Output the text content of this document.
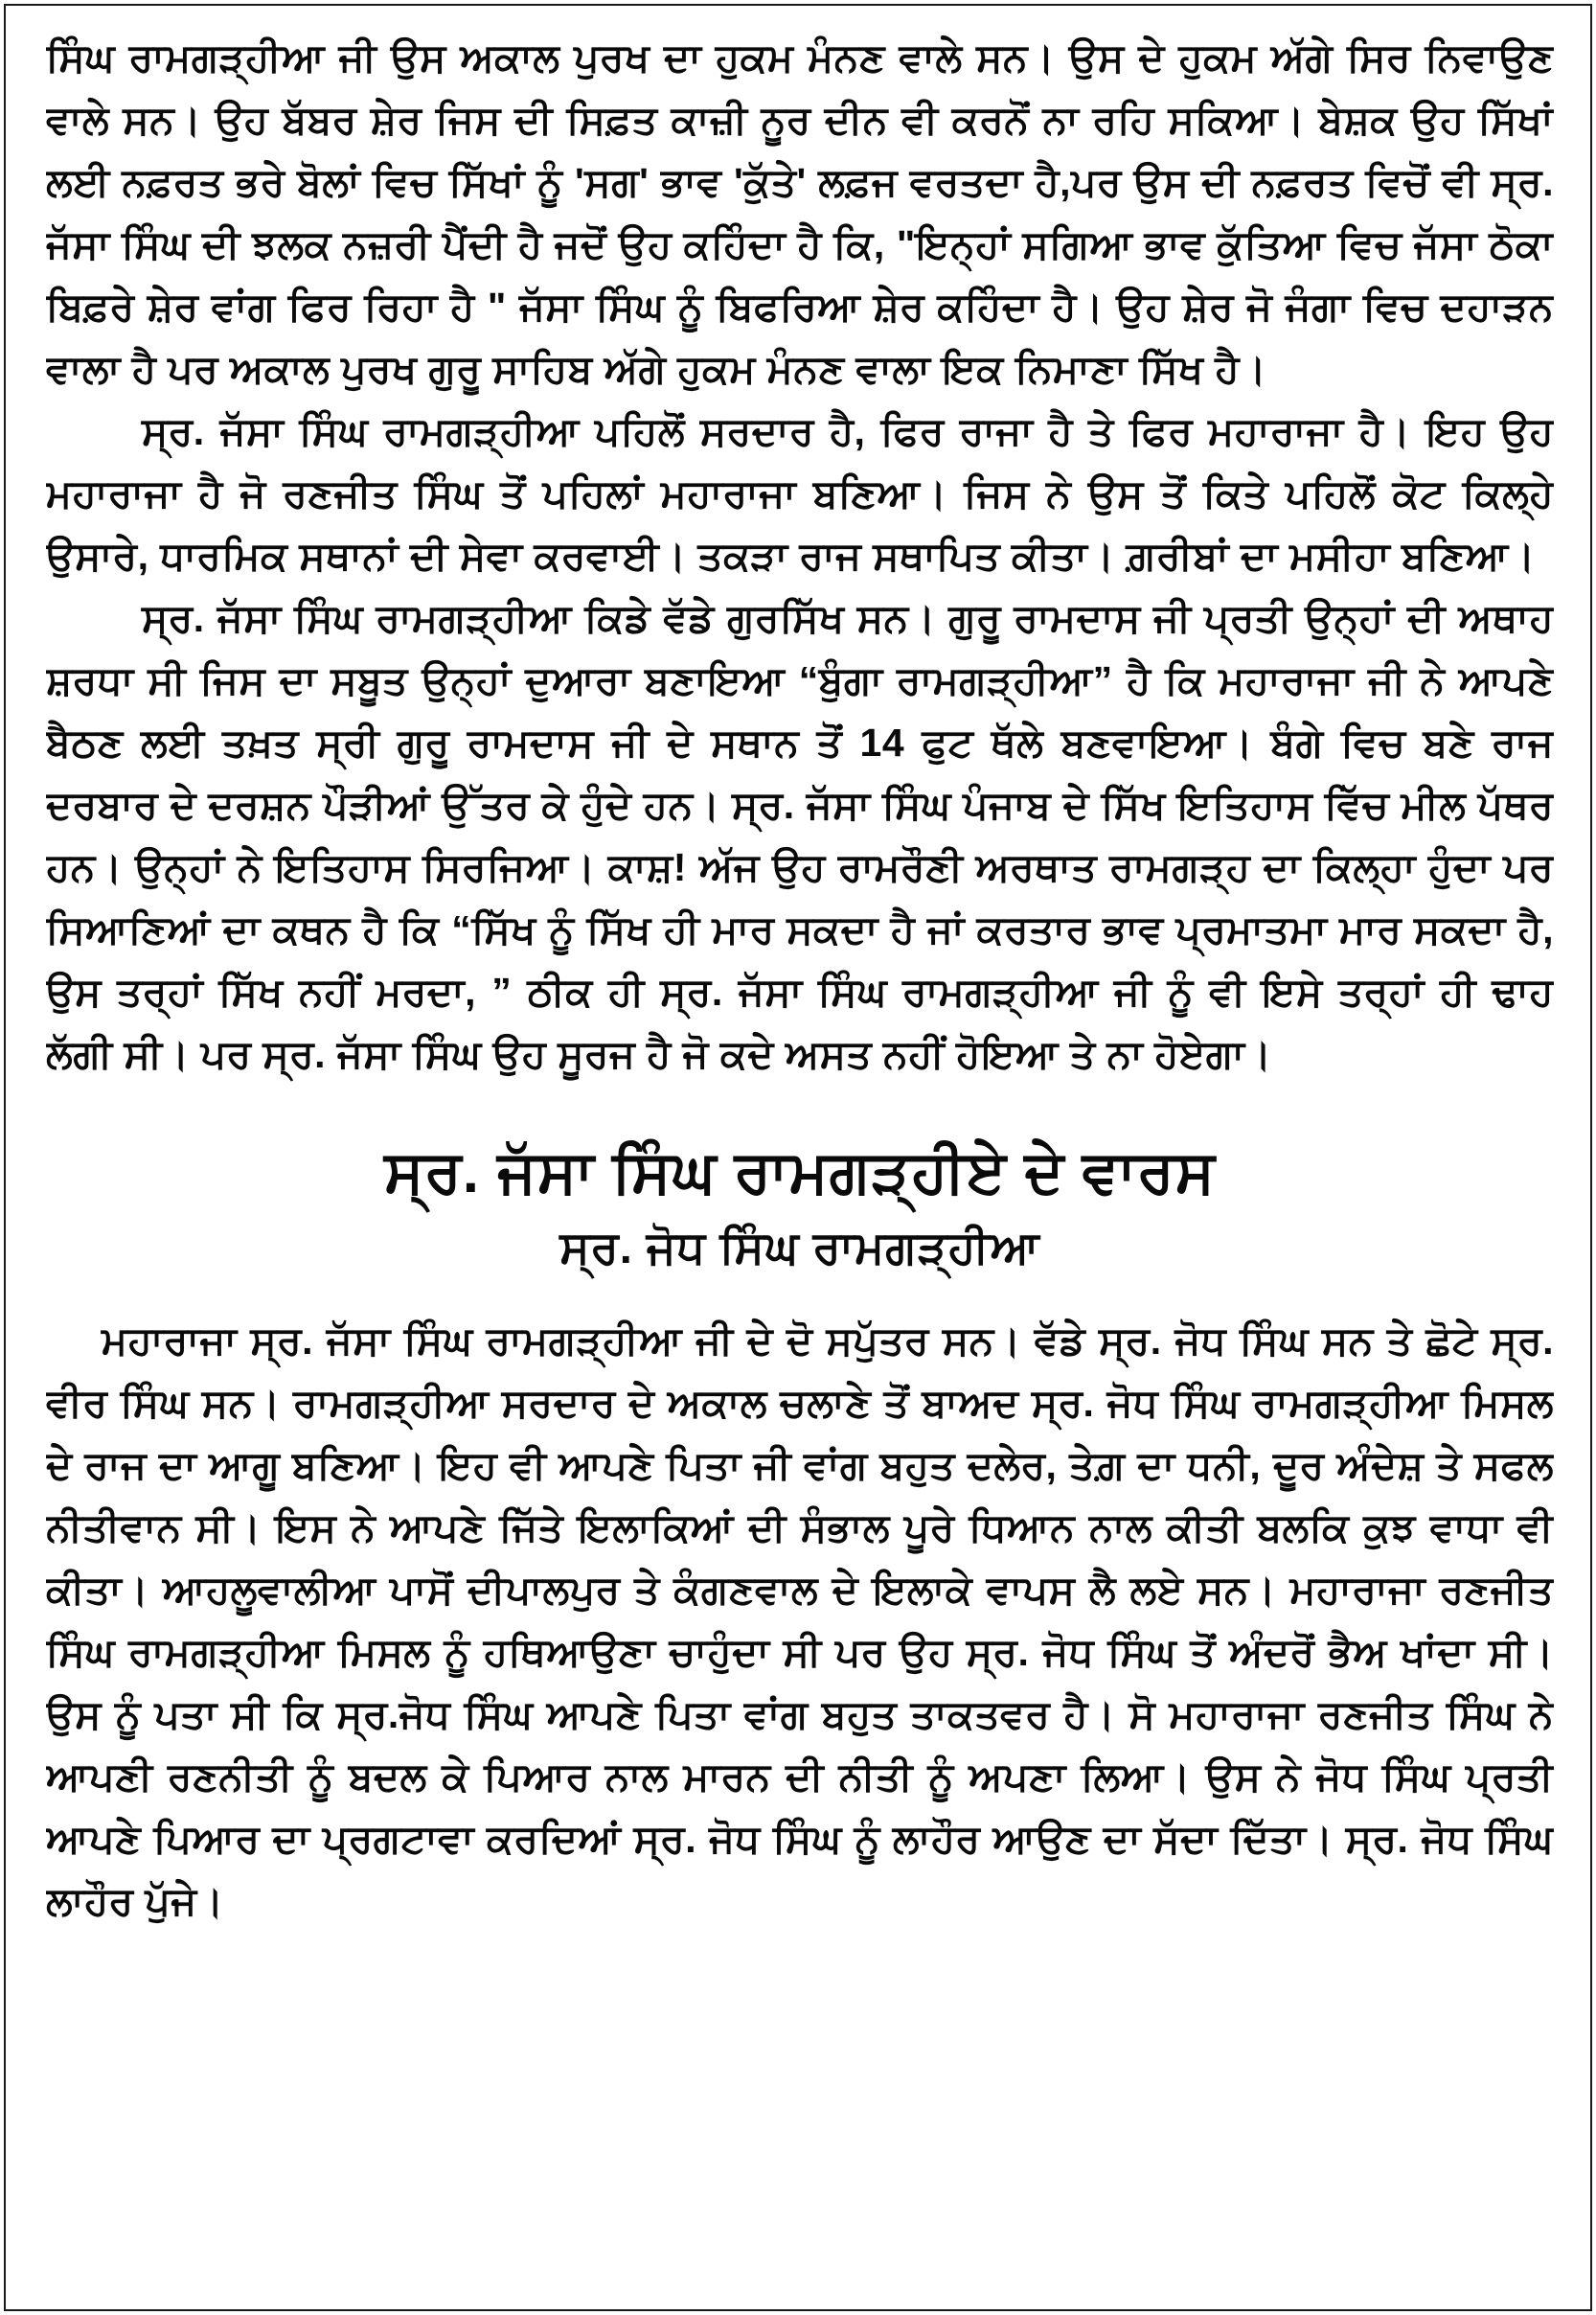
ਸਿੰਘ ਰਾਮਗੜ੍ਹੀਆ ਜੀ ਉਸ ਅਕਾਲ ਪੁਰਖ ਦਾ ਹੁਕਮ ਮੰਨਣ ਵਾਲੇ ਸਨ। ਉਸ ਦੇ ਹੁਕਮ ਅੱਗੇ ਸਿਰ ਨਿਵਾਉਣ ਵਾਲੇ ਸਨ। ਉਹ ਬੱਬਰ ਸ਼ੇਰ ਜਿਸ ਦੀ ਸਿਫ਼ਤ ਕਾਜ਼ੀ ਨੂਰ ਦੀਨ ਵੀ ਕਰਨੋਂ ਨਾ ਰਹਿ ਸਕਿਆ। ਬੇਸ਼ਕ ਉਹ ਸਿੱਖਾਂ ਲਈ ਨਫ਼ਰਤ ਭਰੇ ਬੋਲਾਂ ਵਿਚ ਸਿੱਖਾਂ ਨੂੰ 'ਸਗ' ਭਾਵ 'ਕੁੱਤੇ' ਲਫ਼ਜ ਵਰਤਦਾ ਹੈ,ਪਰ ਉਸ ਦੀ ਨਫ਼ਰਤ ਵਿਚੋਂ ਵੀ ਸ੍ਰ. ਜੱਸਾ ਸਿੰਘ ਦੀ ਝਲਕ ਨਜ਼ਰੀ ਪੈਂਦੀ ਹੈ ਜਦੋਂ ਉਹ ਕਹਿੰਦਾ ਹੈ ਕਿ, "ਇਨ੍ਹਾਂ ਸਗਿਆ ਭਾਵ ਕੁੱਤਿਆ ਵਿਚ ਜੱਸਾ ਠੋਕਾ ਬਿਫ਼ਰੇ ਸ਼ੇਰ ਵਾਂਗ ਫਿਰ ਰਿਹਾ ਹੈ " ਜੱਸਾ ਸਿੰਘ ਨੂੰ ਬਿਫਰਿਆ ਸ਼ੇਰ ਕਹਿੰਦਾ ਹੈ। ਉਹ ਸ਼ੇਰ ਜੋ ਜੰਗਾ ਵਿਚ ਦਹਾੜਨ ਵਾਲਾ ਹੈ ਪਰ ਅਕਾਲ ਪੁਰਖ ਗੁਰੂ ਸਾਹਿਬ ਅੱਗੇ ਹੁਕਮ ਮੰਨਣ ਵਾਲਾ ਇਕ ਨਿਮਾਣਾ ਸਿੱਖ ਹੈ।

ਸ੍ਰ. ਜੱਸਾ ਸਿੰਘ ਰਾਮਗੜ੍ਹੀਆ ਪਹਿਲੋਂ ਸਰਦਾਰ ਹੈ, ਫਿਰ ਰਾਜਾ ਹੈ ਤੇ ਫਿਰ ਮਹਾਰਾਜਾ ਹੈ। ਇਹ ਉਹ ਮਹਾਰਾਜਾ ਹੈ ਜੋ ਰਣਜੀਤ ਸਿੰਘ ਤੋਂ ਪਹਿਲਾਂ ਮਹਾਰਾਜਾ ਬਣਿਆ। ਜਿਸ ਨੇ ਉਸ ਤੋਂ ਕਿਤੇ ਪਹਿਲੋਂ ਕੋਟ ਕਿਲ੍ਹੇ ਉਸਾਰੇ, ਧਾਰਮਿਕ ਸਥਾਨਾਂ ਦੀ ਸੇਵਾ ਕਰਵਾਈ। ਤਕੜਾ ਰਾਜ ਸਥਾਪਿਤ ਕੀਤਾ। ਗ਼ਰੀਬਾਂ ਦਾ ਮਸੀਹਾ ਬਣਿਆ।

ਸ੍ਰ. ਜੱਸਾ ਸਿੰਘ ਰਾਮਗੜ੍ਹੀਆ ਕਿਡੇ ਵੱਡੇ ਗੁਰਸਿੱਖ ਸਨ। ਗੁਰੂ ਰਾਮਦਾਸ ਜੀ ਪ੍ਰਤੀ ਉਨ੍ਹਾਂ ਦੀ ਅਥਾਹ ਸ਼ਰਧਾ ਸੀ ਜਿਸ ਦਾ ਸਬੂਤ ਉਨ੍ਹਾਂ ਦੁਆਰਾ ਬਣਾਇਆ “ਬੁੰਗਾ ਰਾਮਗੜ੍ਹੀਆ” ਹੈ ਕਿ ਮਹਾਰਾਜਾ ਜੀ ਨੇ ਆਪਣੇ ਬੈਠਣ ਲਈ ਤਖ਼ਤ ਸ੍ਰੀ ਗੁਰੂ ਰਾਮਦਾਸ ਜੀ ਦੇ ਸਥਾਨ ਤੋਂ 14 ਫੁਟ ਥੱਲੇ ਬਣਵਾਇਆ। ਬੰਗੇ ਵਿਚ ਬਣੇ ਰਾਜ ਦਰਬਾਰ ਦੇ ਦਰਸ਼ਨ ਪੌੜੀਆਂ ਉੱਤਰ ਕੇ ਹੁੰਦੇ ਹਨ। ਸ੍ਰ. ਜੱਸਾ ਸਿੰਘ ਪੰਜਾਬ ਦੇ ਸਿੱਖ ਇਤਿਹਾਸ ਵਿੱਚ ਮੀਲ ਪੱਥਰ ਹਨ। ਉਨ੍ਹਾਂ ਨੇ ਇਤਿਹਾਸ ਸਿਰਜਿਆ। ਕਾਸ਼! ਅੱਜ ਉਹ ਰਾਮਰੌਣੀ ਅਰਥਾਤ ਰਾਮਗੜ੍ਹ ਦਾ ਕਿਲ੍ਹਾ ਹੁੰਦਾ ਪਰ ਸਿਆਣਿਆਂ ਦਾ ਕਥਨ ਹੈ ਕਿ “ਸਿੱਖ ਨੂੰ ਸਿੱਖ ਹੀ ਮਾਰ ਸਕਦਾ ਹੈ ਜਾਂ ਕਰਤਾਰ ਭਾਵ ਪ੍ਰਮਾਤਮਾ ਮਾਰ ਸਕਦਾ ਹੈ, ਉਸ ਤਰ੍ਹਾਂ ਸਿੱਖ ਨਹੀਂ ਮਰਦਾ, ” ਠੀਕ ਹੀ ਸ੍ਰ. ਜੱਸਾ ਸਿੰਘ ਰਾਮਗੜ੍ਹੀਆ ਜੀ ਨੂੰ ਵੀ ਇਸੇ ਤਰ੍ਹਾਂ ਹੀ ਢਾਹ ਲੱਗੀ ਸੀ। ਪਰ ਸ੍ਰ. ਜੱਸਾ ਸਿੰਘ ਉਹ ਸੂਰਜ ਹੈ ਜੋ ਕਦੇ ਅਸਤ ਨਹੀਂ ਹੋਇਆ ਤੇ ਨਾ ਹੋਏਗਾ।

ਸ੍ਰ. ਜੱਸਾ ਸਿੰਘ ਰਾਮਗੜ੍ਹੀਏ ਦੇ ਵਾਰਸ
ਸ੍ਰ. ਜੋਧ ਸਿੰਘ ਰਾਮਗੜ੍ਹੀਆ

ਮਹਾਰਾਜਾ ਸ੍ਰ. ਜੱਸਾ ਸਿੰਘ ਰਾਮਗੜ੍ਹੀਆ ਜੀ ਦੇ ਦੋ ਸਪੁੱਤਰ ਸਨ। ਵੱਡੇ ਸ੍ਰ. ਜੋਧ ਸਿੰਘ ਸਨ ਤੇ ਛੋਟੇ ਸ੍ਰ. ਵੀਰ ਸਿੰਘ ਸਨ। ਰਾਮਗੜ੍ਹੀਆ ਸਰਦਾਰ ਦੇ ਅਕਾਲ ਚਲਾਣੇ ਤੋਂ ਬਾਅਦ ਸ੍ਰ. ਜੋਧ ਸਿੰਘ ਰਾਮਗੜ੍ਹੀਆ ਮਿਸਲ ਦੇ ਰਾਜ ਦਾ ਆਗੂ ਬਣਿਆ। ਇਹ ਵੀ ਆਪਣੇ ਪਿਤਾ ਜੀ ਵਾਂਗ ਬਹੁਤ ਦਲੇਰ, ਤੇਗ਼ ਦਾ ਧਨੀ, ਦੂਰ ਅੰਦੇਸ਼ ਤੇ ਸਫਲ ਨੀਤੀਵਾਨ ਸੀ। ਇਸ ਨੇ ਆਪਣੇ ਜਿੱਤੇ ਇਲਾਕਿਆਂ ਦੀ ਸੰਭਾਲ ਪੂਰੇ ਧਿਆਨ ਨਾਲ ਕੀਤੀ ਬਲਕਿ ਕੁਝ ਵਾਧਾ ਵੀ ਕੀਤਾ। ਆਹਲੂਵਾਲੀਆ ਪਾਸੋਂ ਦੀਪਾਲਪੁਰ ਤੇ ਕੰਗਣਵਾਲ ਦੇ ਇਲਾਕੇ ਵਾਪਸ ਲੈ ਲਏ ਸਨ। ਮਹਾਰਾਜਾ ਰਣਜੀਤ ਸਿੰਘ ਰਾਮਗੜ੍ਹੀਆ ਮਿਸਲ ਨੂੰ ਹਥਿਆਉਣਾ ਚਾਹੁੰਦਾ ਸੀ ਪਰ ਉਹ ਸ੍ਰ. ਜੋਧ ਸਿੰਘ ਤੋਂ ਅੰਦਰੋਂ ਭੈਅ ਖਾਂਦਾ ਸੀ। ਉਸ ਨੂੰ ਪਤਾ ਸੀ ਕਿ ਸ੍ਰ.ਜੋਧ ਸਿੰਘ ਆਪਣੇ ਪਿਤਾ ਵਾਂਗ ਬਹੁਤ ਤਾਕਤਵਰ ਹੈ। ਸੋ ਮਹਾਰਾਜਾ ਰਣਜੀਤ ਸਿੰਘ ਨੇ ਆਪਣੀ ਰਣਨੀਤੀ ਨੂੰ ਬਦਲ ਕੇ ਪਿਆਰ ਨਾਲ ਮਾਰਨ ਦੀ ਨੀਤੀ ਨੂੰ ਅਪਣਾ ਲਿਆ। ਉਸ ਨੇ ਜੋਧ ਸਿੰਘ ਪ੍ਰਤੀ ਆਪਣੇ ਪਿਆਰ ਦਾ ਪ੍ਰਗਟਾਵਾ ਕਰਦਿਆਂ ਸ੍ਰ. ਜੋਧ ਸਿੰਘ ਨੂੰ ਲਾਹੌਰ ਆਉਣ ਦਾ ਸੱਦਾ ਦਿੱਤਾ। ਸ੍ਰ. ਜੋਧ ਸਿੰਘ ਲਾਹੌਰ ਪੁੱਜੇ।
